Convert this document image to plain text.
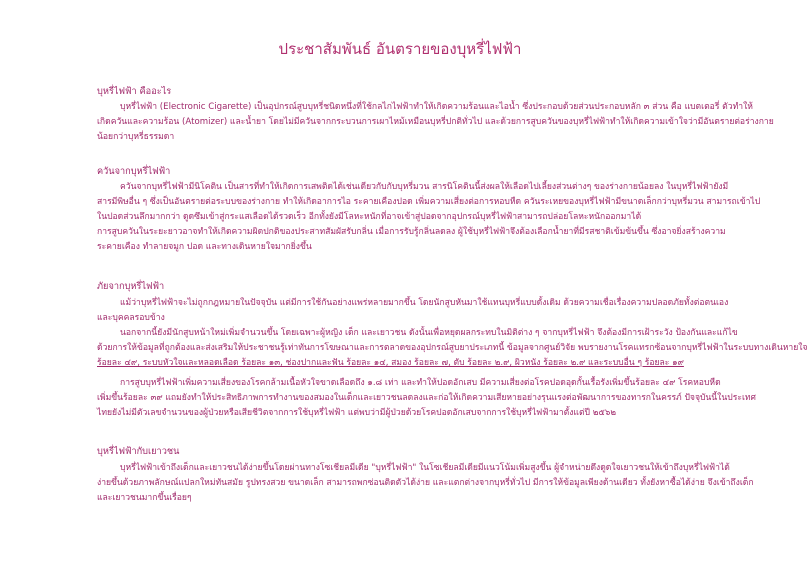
ประชาสัมพันธ์ อันตรายของบุหรี่ไฟฟ้า
บุหรี่ไฟฟ้า คืออะไร
บุหรี่ไฟฟ้า (Electronic Cigarette) เป็นอุปกรณ์สูบบุหรี่ชนิดหนึ่งที่ใช้กลไกไฟฟ้าทำให้เกิดความร้อนและไอน้ำ ซึ่งประกอบด้วยส่วนประกอบหลัก ๓ ส่วน คือ แบตเตอรี่ ตัวทำให้
เกิดควันและความร้อน (Atomizer) และน้ำยา โดยไม่มีควันจากกระบวนการเผาไหม้เหมือนบุหรี่ปกติทั่วไป และด้วยการสูบควันของบุหรี่ไฟฟ้าทำให้เกิดความเข้าใจว่ามีอันตรายต่อร่างกาย
น้อยกว่าบุหรี่ธรรมดา
ควันจากบุหรี่ไฟฟ้า
ควันจากบุหรี่ไฟฟ้ามีนิโคติน เป็นสารที่ทำให้เกิดการเสพติดได้เช่นเดียวกับกับบุหรี่มวน สารนิโคตินนี้ส่งผลให้เลือดไปเลี้ยงส่วนต่างๆ ของร่างกายน้อยลง ในบุหรี่ไฟฟ้ายังมี
สารมีพิษอื่น ๆ ซึ่งเป็นอันตรายต่อระบบของร่างกาย ทำให้เกิดอาการไอ ระคายเคืองปอด เพิ่มความเสี่ยงต่อการหอบหืด ควันระเหยของบุหรี่ไฟฟ้ามีขนาดเล็กกว่าบุหรี่มวน สามารถเข้าไป
ในปอดส่วนลึกมากกว่า ดูดซึมเข้าสู่กระแสเลือดได้รวดเร็ว อีกทั้งยังมีโลหะหนักที่อาจเข้าสู่ปอดจากอุปกรณ์บุหรี่ไฟฟ้าสามารถปล่อยโลหะหนักออกมาได้
การสูบควันในระยะยาวอาจทำให้เกิดความผิดปกติของประสาทสัมผัสรับกลิ่น เมื่อการรับรู้กลิ่นลดลง ผู้ใช้บุหรี่ไฟฟ้าจึงต้องเลือกน้ำยาที่มีรสชาติเข้มข้นขึ้น ซึ่งอาจยิ่งสร้างความ
ระคายเคือง ทำลายจมูก ปอด และทางเดินหายใจมากยิ่งขึ้น
ภัยจากบุหรี่ไฟฟ้า
แม้ว่าบุหรี่ไฟฟ้าจะไม่ถูกกฎหมายในปัจจุบัน แต่มีการใช้กันอย่างแพร่หลายมากขึ้น โดยนักสูบหันมาใช้แทนบุหรี่แบบดั้งเดิม ด้วยความเชื่อเรื่องความปลอดภัยทั้งต่อตนเอง
และบุคคลรอบข้าง
นอกจากนี้ยังมีนักสูบหน้าใหม่เพิ่มจำนวนขึ้น โดยเฉพาะผู้หญิง เด็ก และเยาวชน ดังนั้นเพื่อหยุดผลกระทบในมิติต่าง ๆ จากบุหรี่ไฟฟ้า จึงต้องมีการเฝ้าระวัง ป้องกันและแก้ไข
ด้วยการให้ข้อมูลที่ถูกต้องและส่งเสริมให้ประชาชนรู้เท่าทันการโฆษณาและการตลาดของอุปกรณ์สูบยาประเภทนี้ ข้อมูลจากศูนย์วิจัย พบรายงานโรคแทรกซ้อนจากบุหรี่ไฟฟ้าในระบบทางเดินหายใจ
ร้อยละ ๔๙, ระบบหัวใจและหลอดเลือด ร้อยละ ๑๓, ช่องปากและฟัน ร้อยละ ๑๔, สมอง ร้อยละ ๗, ตับ ร้อยละ ๒.๙, ผิวหนัง ร้อยละ ๒.๙ และระบบอื่น ๆ ร้อยละ ๑๙
การสูบบุหรี่ไฟฟ้าเพิ่มความเสี่ยงของโรคกล้ามเนื้อหัวใจขาดเลือดถึง ๑.๘ เท่า และทำให้ปอดอักเสบ มีความเสี่ยงต่อโรคปอดอุดกั้นเรื้อรังเพิ่มขึ้นร้อยละ ๔๙ โรคหอบหืด
เพิ่มขึ้นร้อยละ ๓๙ แถมยังทำให้ประสิทธิภาพการทำงานของสมองในเด็กและเยาวชนลดลงและก่อให้เกิดความเสียหายอย่างรุนแรงต่อพัฒนาการของทารกในครรภ์ ปัจจุบันนี้ในประเทศ
ไทยยังไม่มีตัวเลขจำนวนของผู้ป่วยหรือเสียชีวิตจากการใช้บุหรี่ไฟฟ้า แต่พบว่ามีผู้ป่วยด้วยโรคปอดอักเสบจากการใช้บุหรี่ไฟฟ้ามาตั้งแต่ปี ๒๕๖๒
บุหรี่ไฟฟ้ากับเยาวชน
บุหรี่ไฟฟ้าเข้าถึงเด็กและเยาวชนได้ง่ายขึ้นโดยผ่านทางโซเชียลมีเดีย "บุหรี่ไฟฟ้า" ในโซเชียลมีเดียมีแนวโน้มเพิ่มสูงขึ้น ผู้จำหน่ายดึงดูดใจเยาวชนให้เข้าถึงบุหรี่ไฟฟ้าได้
ง่ายขึ้นด้วยภาพลักษณ์แปลกใหม่ทันสมัย รูปทรงสวย ขนาดเล็ก สามารถพกซ่อนติดตัวได้ง่าย และแตกต่างจากบุหรี่ทั่วไป มีการให้ข้อมูลเพียงด้านเดียว ทั้งยังหาซื้อได้ง่าย จึงเข้าถึงเด็ก
และเยาวชนมากขึ้นเรื่อยๆ
